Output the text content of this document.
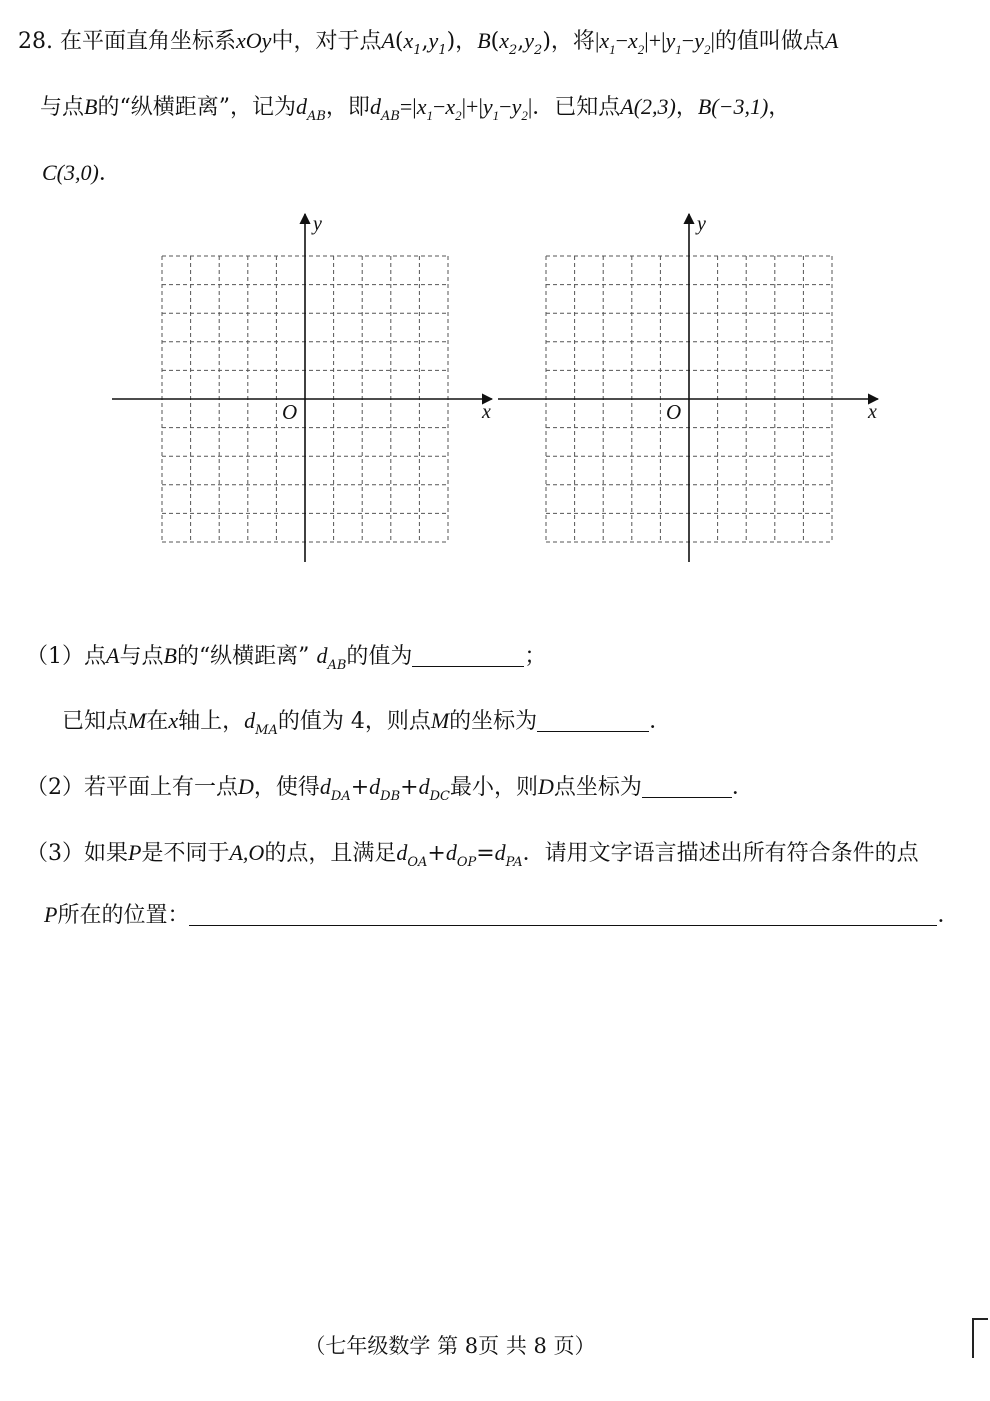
28. 在平面直角坐标系xOy中，对于点$A(x_1,y_1)$，$B(x_2,y_2)$，将$|x_1-x_2|+|y_1-y_2|$的值叫做点A
与点B的“纵横距离”，记为$d_{AB}$，即$d_{AB}=|x_1-x_2|+|y_1-y_2|$．已知点A(2,3)，B(−3,1)，
C(3,0)．
y
x
O
y
x
O
（1）点A与点B的“纵横距离” $d_{AB}$的值为	；
已知点M在x轴上，$d_{MA}$的值为 4，则点M的坐标为	．
（2）若平面上有一点D，使得$d_{DA}+d_{DB}+d_{DC}$最小，则D点坐标为	．
（3）如果P是不同于A,O的点，且满足$d_{OA}+d_{OP}=d_{PA}$．请用文字语言描述出所有符合条件的点
P所在的位置：	．
（七年级数学 第 8页 共 8 页）
